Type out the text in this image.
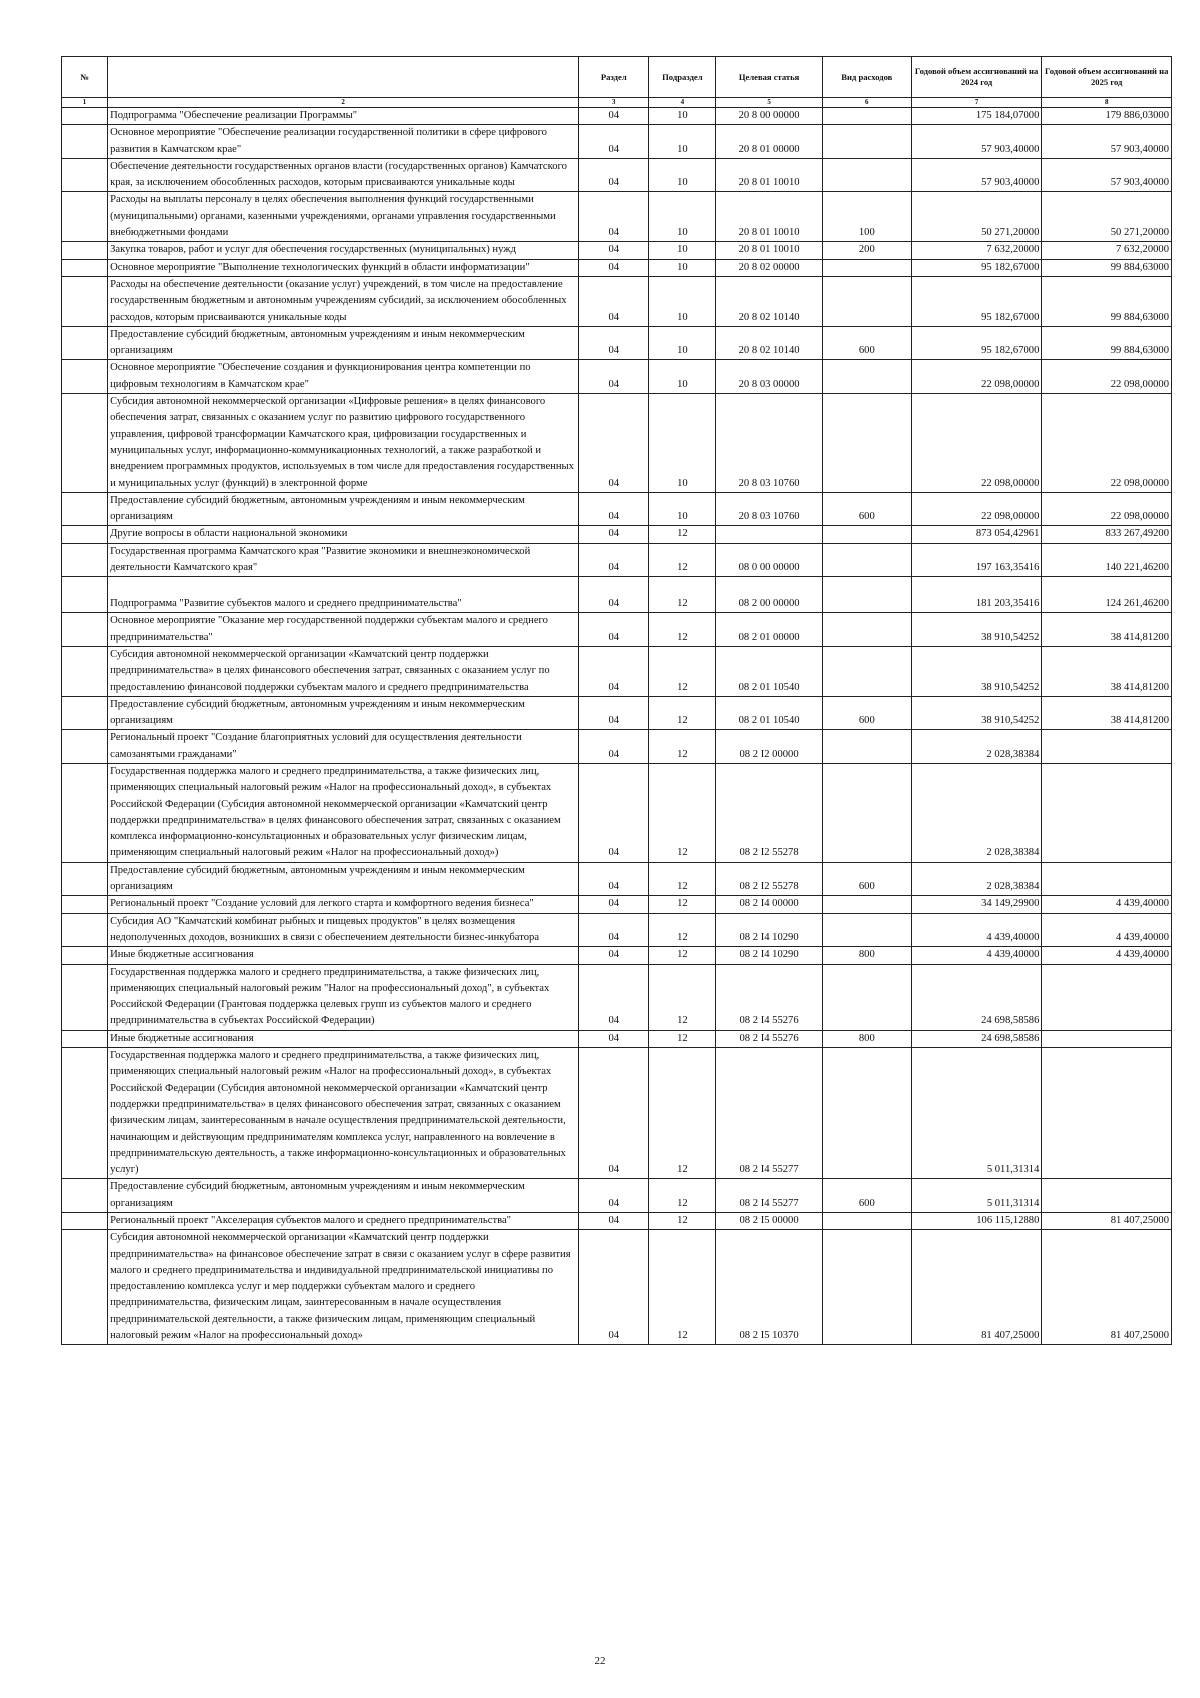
№		Раздел	Подраздел	Целевая статья	Вид расходов	Годовой объем ассигнований на 2024 год	Годовой объем ассигнований на 2025 год
1	2	3	4	5	6	7	8
	Подпрограмма "Обеспечение реализации Программы"	04	10	20 8 00 00000		175 184,07000	179 886,03000
	Основное мероприятие "Обеспечение реализации государственной политики в сфере цифрового развития в Камчатском крае"	04	10	20 8 01 00000		57 903,40000	57 903,40000
	Обеспечение деятельности государственных органов власти (государственных органов) Камчатского края, за исключением обособленных расходов, которым присваиваются уникальные коды	04	10	20 8 01 10010		57 903,40000	57 903,40000
	Расходы на выплаты персоналу в целях обеспечения выполнения функций государственными (муниципальными) органами, казенными учреждениями, органами управления государственными внебюджетными фондами	04	10	20 8 01 10010	100	50 271,20000	50 271,20000
	Закупка товаров, работ и услуг для обеспечения государственных (муниципальных) нужд	04	10	20 8 01 10010	200	7 632,20000	7 632,20000
	Основное мероприятие "Выполнение технологических функций в области информатизации"	04	10	20 8 02 00000		95 182,67000	99 884,63000
	Расходы на обеспечение деятельности (оказание услуг) учреждений, в том числе на предоставление государственным бюджетным и автономным учреждениям субсидий, за исключением обособленных расходов, которым присваиваются уникальные коды	04	10	20 8 02 10140		95 182,67000	99 884,63000
	Предоставление субсидий бюджетным, автономным учреждениям и иным некоммерческим организациям	04	10	20 8 02 10140	600	95 182,67000	99 884,63000
	Основное мероприятие "Обеспечение создания и функционирования центра компетенции по цифровым технологиям в Камчатском крае"	04	10	20 8 03 00000		22 098,00000	22 098,00000
	Субсидия автономной некоммерческой организации «Цифровые решения» в целях финансового обеспечения затрат, связанных с оказанием услуг по развитию цифрового государственного управления, цифровой трансформации Камчатского края, цифровизации государственных и муниципальных услуг, информационно-коммуникационных технологий, а также разработкой и внедрением программных продуктов, используемых в том числе для предоставления государственных и муниципальных услуг (функций) в электронной форме	04	10	20 8 03 10760		22 098,00000	22 098,00000
	Предоставление субсидий бюджетным, автономным учреждениям и иным некоммерческим организациям	04	10	20 8 03 10760	600	22 098,00000	22 098,00000
	Другие вопросы в области национальной экономики	04	12			873 054,42961	833 267,49200
	Государственная программа Камчатского края "Развитие экономики и внешнеэкономической деятельности Камчатского края"	04	12	08 0 00 00000		197 163,35416	140 221,46200
	Подпрограмма "Развитие субъектов малого и среднего предпринимательства"	04	12	08 2 00 00000		181 203,35416	124 261,46200
	Основное мероприятие "Оказание мер государственной поддержки субъектам малого и среднего предпринимательства"	04	12	08 2 01 00000		38 910,54252	38 414,81200
	Субсидия автономной некоммерческой организации «Камчатский центр поддержки предпринимательства» в целях финансового обеспечения затрат, связанных с оказанием услуг по предоставлению финансовой поддержки субъектам малого и среднего предпринимательства	04	12	08 2 01 10540		38 910,54252	38 414,81200
	Предоставление субсидий бюджетным, автономным учреждениям и иным некоммерческим организациям	04	12	08 2 01 10540	600	38 910,54252	38 414,81200
	Региональный проект "Создание благоприятных условий для осуществления деятельности самозанятыми гражданами"	04	12	08 2 I2 00000		2 028,38384	
	Государственная поддержка малого и среднего предпринимательства, а также физических лиц, применяющих специальный налоговый режим «Налог на профессиональный доход», в субъектах Российской Федерации (Субсидия автономной некоммерческой организации «Камчатский центр поддержки предпринимательства» в целях финансового обеспечения затрат, связанных с оказанием комплекса информационно-консультационных и образовательных услуг физическим лицам, применяющим специальный налоговый режим «Налог на профессиональный доход»)	04	12	08 2 I2 55278		2 028,38384	
	Предоставление субсидий бюджетным, автономным учреждениям и иным некоммерческим организациям	04	12	08 2 I2 55278	600	2 028,38384	
	Региональный проект "Создание условий для легкого старта и комфортного ведения бизнеса"	04	12	08 2 I4 00000		34 149,29900	4 439,40000
	Субсидия АО "Камчатский комбинат рыбных и пищевых продуктов" в целях возмещения недополученных доходов, возникших в связи с обеспечением деятельности бизнес-инкубатора	04	12	08 2 I4 10290		4 439,40000	4 439,40000
	Иные бюджетные ассигнования	04	12	08 2 I4 10290	800	4 439,40000	4 439,40000
	Государственная поддержка малого и среднего предпринимательства, а также физических лиц, применяющих специальный налоговый режим "Налог на профессиональный доход", в субъектах Российской Федерации (Грантовая поддержка целевых групп из субъектов малого и среднего предпринимательства в субъектах Российской Федерации)	04	12	08 2 I4 55276		24 698,58586	
	Иные бюджетные ассигнования	04	12	08 2 I4 55276	800	24 698,58586	
	Государственная поддержка малого и среднего предпринимательства, а также физических лиц, применяющих специальный налоговый режим «Налог на профессиональный доход», в субъектах Российской Федерации (Субсидия автономной некоммерческой организации «Камчатский центр поддержки предпринимательства» в целях финансового обеспечения затрат, связанных с оказанием физическим лицам, заинтересованным в начале осуществления предпринимательской деятельности, начинающим и действующим предпринимателям комплекса услуг, направленного на вовлечение в предпринимательскую деятельность, а также информационно-консультационных и образовательных услуг)	04	12	08 2 I4 55277		5 011,31314	
	Предоставление субсидий бюджетным, автономным учреждениям и иным некоммерческим организациям	04	12	08 2 I4 55277	600	5 011,31314	
	Региональный проект "Акселерация субъектов малого и среднего предпринимательства"	04	12	08 2 I5 00000		106 115,12880	81 407,25000
	Субсидия автономной некоммерческой организации «Камчатский центр поддержки предпринимательства» на финансовое обеспечение затрат в связи с оказанием услуг в сфере развития малого и среднего предпринимательства и индивидуальной предпринимательской инициативы по предоставлению комплекса услуг и мер поддержки субъектам малого и среднего предпринимательства, физическим лицам, заинтересованным в начале осуществления предпринимательской деятельности, а также физическим лицам, применяющим специальный налоговый режим «Налог на профессиональный доход»	04	12	08 2 I5 10370		81 407,25000	81 407,25000
22
